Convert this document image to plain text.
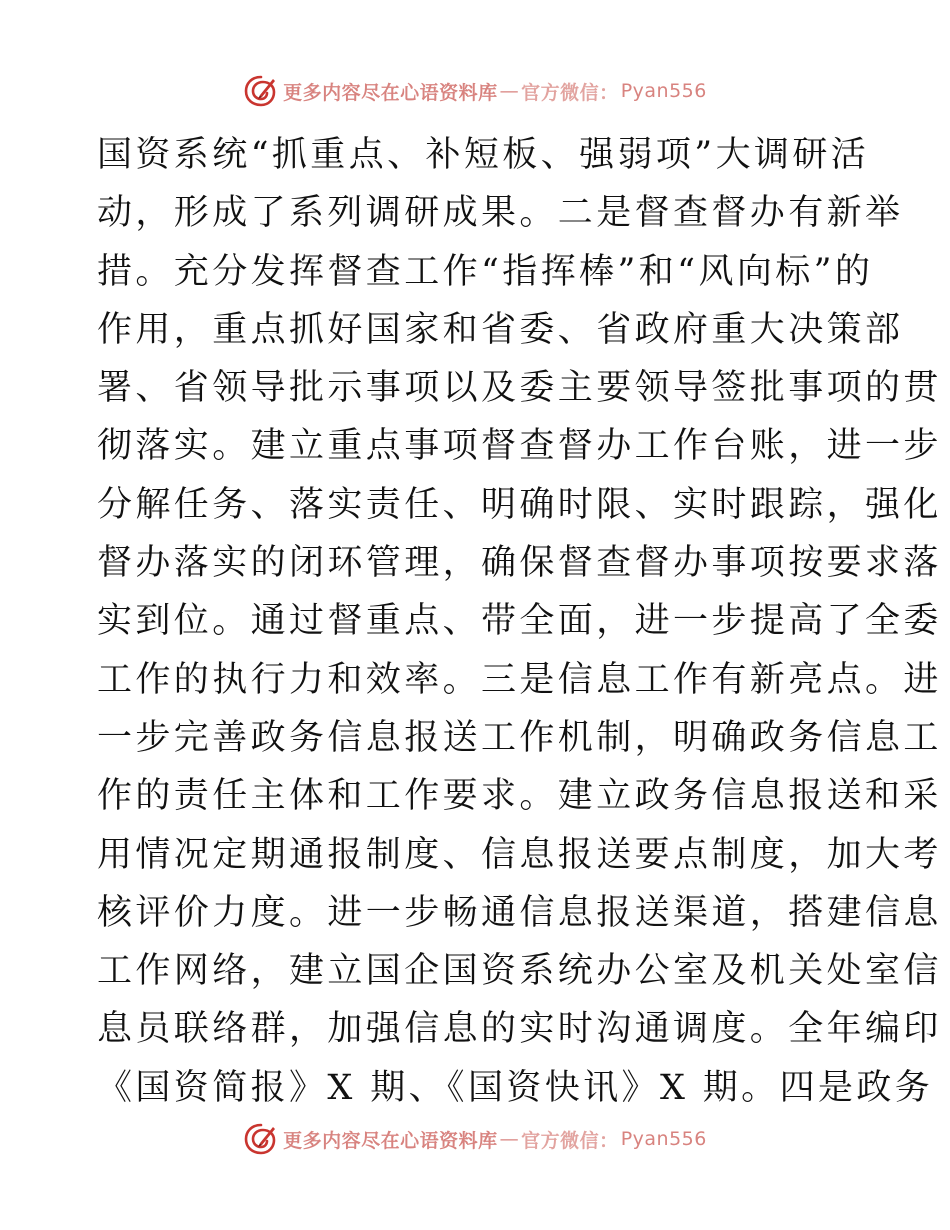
更多内容尽在心语资料库 — 官方微信： Pyan556
国资系统“抓重点、补短板、强弱项”大调研活
动，形成了系列调研成果。二是督查督办有新举
措。充分发挥督查工作“指挥棒”和“风向标”的
作用，重点抓好国家和省委、省政府重大决策部
署、省领导批示事项以及委主要领导签批事项的贯
彻落实。建立重点事项督查督办工作台账，进一步
分解任务、落实责任、明确时限、实时跟踪，强化
督办落实的闭环管理，确保督查督办事项按要求落
实到位。通过督重点、带全面，进一步提高了全委
工作的执行力和效率。三是信息工作有新亮点。进
一步完善政务信息报送工作机制，明确政务信息工
作的责任主体和工作要求。建立政务信息报送和采
用情况定期通报制度、信息报送要点制度，加大考
核评价力度。进一步畅通信息报送渠道，搭建信息
工作网络，建立国企国资系统办公室及机关处室信
息员联络群，加强信息的实时沟通调度。全年编印
《国资简报》X 期、《国资快讯》X 期。四是政务
更多内容尽在心语资料库 — 官方微信： Pyan556
